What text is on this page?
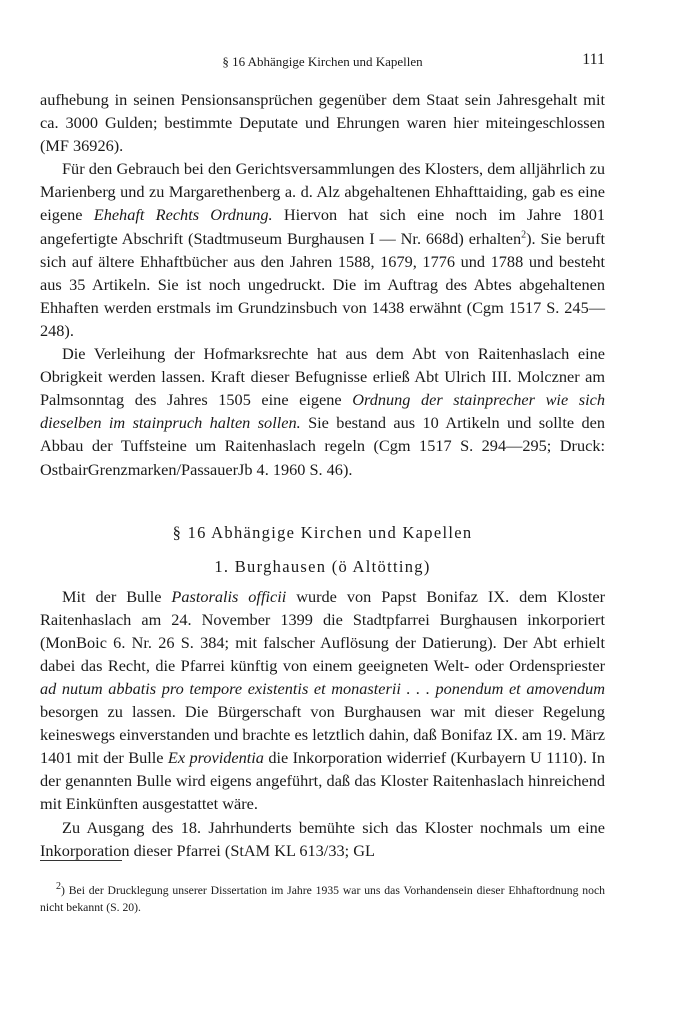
§ 16 Abhängige Kirchen und Kapellen	111

aufhebung in seinen Pensionsansprüchen gegenüber dem Staat sein Jahresgehalt mit ca. 3000 Gulden; bestimmte Deputate und Ehrungen waren hier miteingeschlossen (MF 36926).

Für den Gebrauch bei den Gerichtsversammlungen des Klosters, dem alljährlich zu Marienberg und zu Margarethenberg a. d. Alz abgehaltenen Ehhafttaiding, gab es eine eigene Ehehaft Rechts Ordnung. Hiervon hat sich eine noch im Jahre 1801 angefertigte Abschrift (Stadtmuseum Burghausen I — Nr. 668d) erhalten$^2$). Sie beruft sich auf ältere Ehhaftbücher aus den Jahren 1588, 1679, 1776 und 1788 und besteht aus 35 Artikeln. Sie ist noch ungedruckt. Die im Auftrag des Abtes abgehaltenen Ehhaften werden erstmals im Grundzinsbuch von 1438 erwähnt (Cgm 1517 S. 245—248).

Die Verleihung der Hofmarksrechte hat aus dem Abt von Raitenhaslach eine Obrigkeit werden lassen. Kraft dieser Befugnisse erließ Abt Ulrich III. Molczner am Palmsonntag des Jahres 1505 eine eigene Ordnung der stainprecher wie sich dieselben im stainpruch halten sollen. Sie bestand aus 10 Artikeln und sollte den Abbau der Tuffsteine um Raitenhaslach regeln (Cgm 1517 S. 294—295; Druck: OstbairGrenzmarken/PassauerJb 4. 1960 S. 46).

§ 16 Abhängige Kirchen und Kapellen
1. Burghausen (ö Altötting)

Mit der Bulle Pastoralis officii wurde von Papst Bonifaz IX. dem Kloster Raitenhaslach am 24. November 1399 die Stadtpfarrei Burghausen inkorporiert (MonBoic 6. Nr. 26 S. 384; mit falscher Auflösung der Datierung). Der Abt erhielt dabei das Recht, die Pfarrei künftig von einem geeigneten Welt- oder Ordenspriester ad nutum abbatis pro tempore existentis et monasterii . . . ponendum et amovendum besorgen zu lassen. Die Bürgerschaft von Burghausen war mit dieser Regelung keineswegs einverstanden und brachte es letztlich dahin, daß Bonifaz IX. am 19. März 1401 mit der Bulle Ex providentia die Inkorporation widerrief (Kurbayern U 1110). In der genannten Bulle wird eigens angeführt, daß das Kloster Raitenhaslach hinreichend mit Einkünften ausgestattet wäre.

Zu Ausgang des 18. Jahrhunderts bemühte sich das Kloster nochmals um eine Inkorporation dieser Pfarrei (StAM KL 613/33; GL

$^2$) Bei der Drucklegung unserer Dissertation im Jahre 1935 war uns das Vorhandensein dieser Ehhaftordnung noch nicht bekannt (S. 20).
